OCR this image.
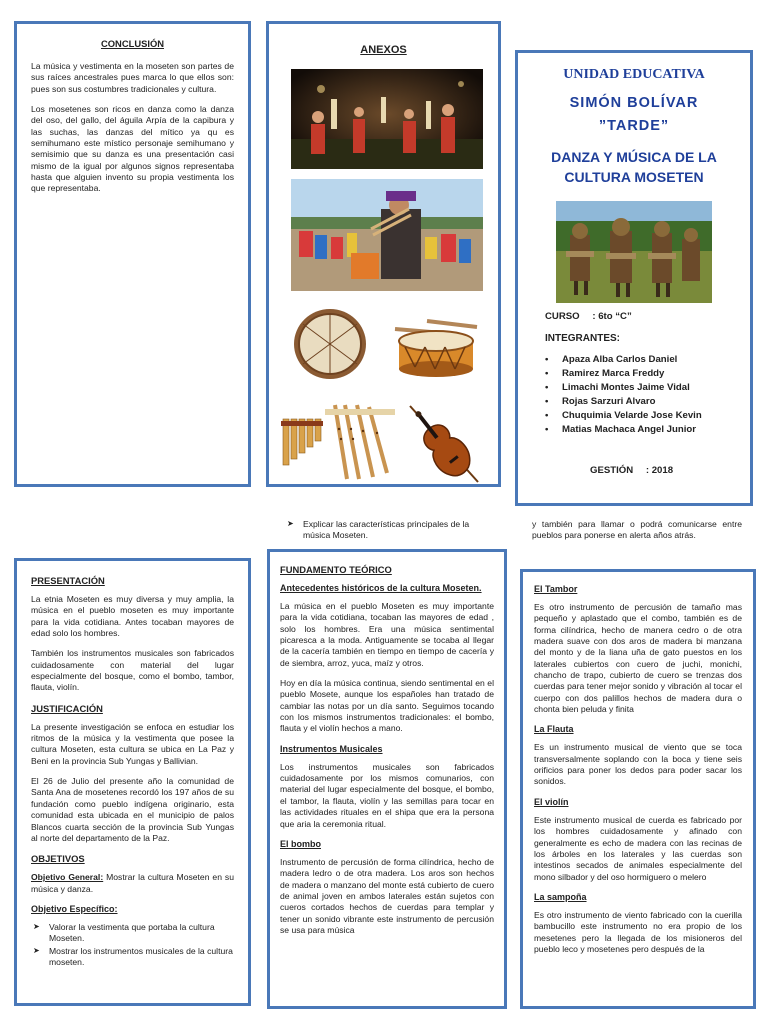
CONCLUSIÓN

La música y vestimenta en la moseten son partes de sus raíces ancestrales pues marca lo que ellos son: pues son sus costumbres tradicionales y cultura.

Los mosetenes son ricos en danza como la danza del oso, del gallo, del águila Arpía de la capibura y las suchas, las danzas del mítico ya qu es semihumano este místico personaje semihumano y semisimio que su danza es una presentación casi mismo de la igual por algunos signos representaba hasta que alguien invento su propia vestimenta los que representaba.

ANEXOS
UNIDAD EDUCATIVA
SIMÓN BOLÍVAR
”TARDE”
DANZA Y MÚSICA DE LA CULTURA MOSETEN
CURSO : 6to “C”
INTEGRANTES:
• Apaza Alba Carlos Daniel
• Ramirez Marca Freddy
• Limachi Montes Jaime Vidal
• Rojas Sarzuri Alvaro
• Chuquimia Velarde Jose Kevin
• Matias Machaca Angel Junior
GESTIÓN : 2018
➤ Explicar las características principales de la música Moseten.
y también para llamar o podrá comunicarse entre pueblos para ponerse en alerta años atrás.
PRESENTACIÓN

La etnia Moseten es muy diversa y muy amplia, la música en el pueblo moseten es muy importante para la vida cotidiana. Antes tocaban mayores de edad solo los hombres.

También los instrumentos musicales son fabricados cuidadosamente con material del lugar especialmente del bosque, como el bombo, tambor, flauta, violín.

JUSTIFICACIÓN

La presente investigación se enfoca en estudiar los ritmos de la música y la vestimenta que posee la cultura Moseten, esta cultura se ubica en La Paz y Beni en la provincia Sub Yungas y Ballivian.

El 26 de Julio del presente año la comunidad de Santa Ana de mosetenes recordó los 197 años de su fundación como pueblo indígena originario, esta comunidad esta ubicada en el municipio de palos Blancos cuarta sección de la provincia Sub Yungas al norte del departamento de la Paz.

OBJETIVOS

Objetivo General: Mostrar la cultura Moseten en su música y danza.

Objetivo Específico:
➤ Valorar la vestimenta que portaba la cultura Moseten.
➤ Mostrar los instrumentos musicales de la cultura moseten.
FUNDAMENTO TEÓRICO
Antecedentes históricos de la cultura Moseten.

La música en el pueblo Moseten es muy importante para la vida cotidiana, tocaban las mayores de edad , solo los hombres. Era una música sentimental picaresca a la moda. Antiguamente se tocaba al llegar de la cacería también en tiempo en tiempo de cacería y de siembra, arroz, yuca, maíz y otros.

Hoy en día la música continua, siendo sentimental en el pueblo Mosete, aunque los españoles han tratado de cambiar las notas por un día santo. Seguimos tocando con los mismos instrumentos tradicionales: el bombo, flauta y el violín hechos a mano.

Instrumentos Musicales

Los instrumentos musicales son fabricados cuidadosamente por los mismos comunarios, con material del lugar especialmente del bosque, el bombo, el tambor, la flauta, violín y las semillas para tocar en las actividades rituales en el shipa que era la persona que aria la ceremonia ritual.

El bombo

Instrumento de percusión de forma cilíndrica, hecho de madera ledro o de otra madera. Los aros son hechos de madera o manzano del monte está cubierto de cuero de animal joven en ambos laterales están sujetos con cueros cortados hechos de cuerdas para templar y tener un sonido vibrante este instrumento de percusión se usa para música

El Tambor

Es otro instrumento de percusión de tamaño mas pequeño y aplastado que el combo, también es de forma cilíndrica, hecho de manera cedro o de otra madera suave con dos aros de madera bi manzana del monto y de la liana uña de gato puestos en los laterales cubiertos con cuero de juchi, monichi, chancho de trapo, cubierto de cuero se trenzas dos cuerdas para tener mejor sonido y vibración al tocar el cuerpo con dos palillos hechos de madera dura o chonta bien peluda y finita

La Flauta

Es un instrumento musical de viento que se toca transversalmente soplando con la boca y tiene seis orificios para poner los dedos para poder sacar los sonidos.

El violín

Este instrumento musical de cuerda es fabricado por los hombres cuidadosamente y afinado con generalmente es echo de madera con las recinas de los árboles en los laterales y las cuerdas son intestinos secados de animales especialmente del mono silbador y del oso hormiguero o melero

La sampoña

Es otro instrumento de viento fabricado con la cuerilla bambucillo este instrumento no era propio de los mesetenes pero la llegada de los misioneros del pueblo leco y mosetenes pero después de la
